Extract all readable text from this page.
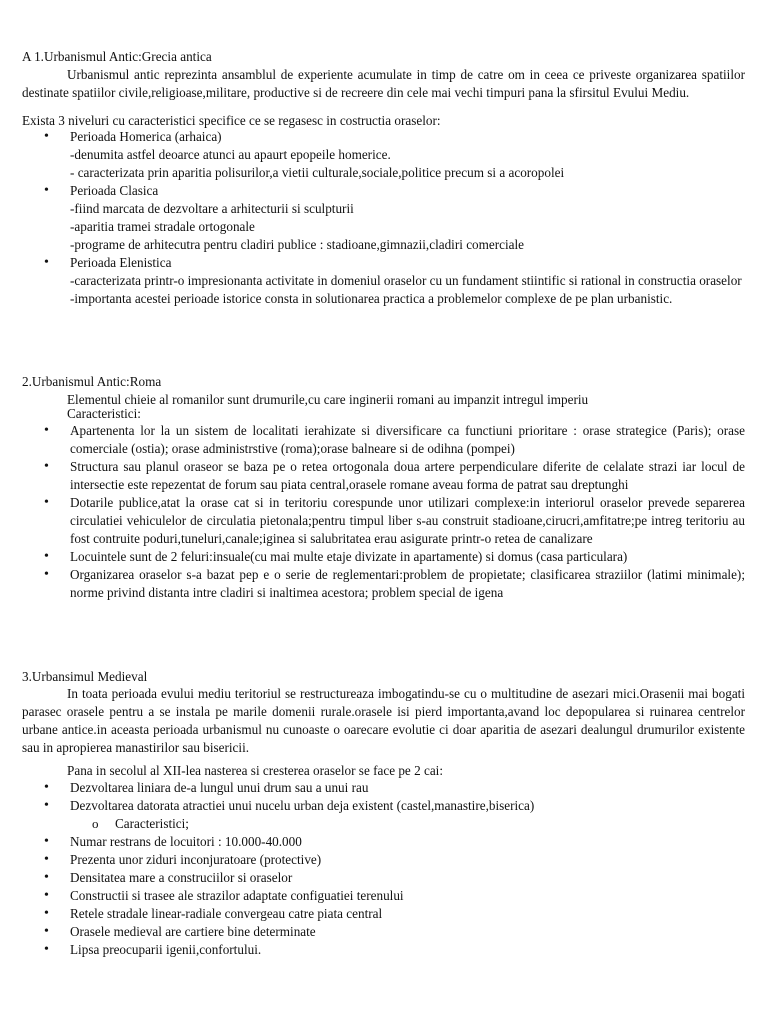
A 1.Urbanismul Antic:Grecia antica
Urbanismul antic reprezinta ansamblul de experiente acumulate in timp de catre om in ceea ce priveste organizarea spatiilor destinate spatiilor civile,religioase,militare, productive si de recreere din cele mai vechi timpuri pana la sfirsitul Evului Mediu.
Exista 3 niveluri cu caracteristici specifice ce se regasesc in costructia oraselor:
• Perioada Homerica (arhaica)
-denumita astfel deoarce atunci au apaurt epopeile homerice.
- caracterizata prin aparitia polisurilor,a vietii culturale,sociale,politice precum si a acoropolei
• Perioada Clasica
-fiind marcata de dezvoltare a arhitecturii si sculpturii
-aparitia tramei stradale ortogonale
-programe de arhitecutra pentru cladiri publice : stadioane,gimnazii,cladiri comerciale
• Perioada Elenistica
-caracterizata printr-o impresionanta activitate in domeniul oraselor cu un fundament stiintific si rational in constructia oraselor
-importanta acestei perioade istorice consta in solutionarea practica a problemelor complexe de pe plan urbanistic.
2.Urbanismul Antic:Roma
Elementul chieie al romanilor sunt drumurile,cu care inginerii romani au impanzit intregul imperiu
Caracteristici:
• Apartenenta lor la un sistem de localitati ierahizate si diversificare ca functiuni prioritare : orase strategice (Paris); orase comerciale (ostia); orase administrstive (roma);orase balneare si de odihna (pompei)
• Structura sau planul oraseor se baza pe o retea ortogonala doua artere perpendiculare diferite de celalate strazi iar locul de intersectie este repezentat de forum sau piata central,orasele romane aveau forma de patrat sau dreptunghi
• Dotarile publice,atat la orase cat si in teritoriu corespunde unor utilizari complexe:in interiorul oraselor prevede separerea circulatiei vehiculelor de circulatia pietonala;pentru timpul liber s-au construit stadioane,cirucri,amfitatre;pe intreg teritoriu au fost contruite poduri,tuneluri,canale;iginea si salubritatea erau asigurate printr-o retea de canalizare
• Locuintele sunt de 2 feluri:insuale(cu mai multe etaje divizate in apartamente) si domus (casa particulara)
• Organizarea oraselor s-a bazat pep e o serie de reglementari:problem de propietate; clasificarea straziilor (latimi minimale); norme privind distanta intre cladiri si inaltimea acestora; problem special de igena
3.Urbansimul Medieval
In toata perioada evului mediu teritoriul se restructureaza imbogatindu-se cu o multitudine de asezari mici.Orasenii mai bogati parasec orasele pentru a se instala pe marile domenii rurale.orasele isi pierd importanta,avand loc depopularea si ruinarea centrelor urbane antice.in aceasta perioada urbanismul nu cunoaste o oarecare evolutie ci doar aparitia de asezari dealungul drumurilor existente sau in apropierea manastirilor sau bisericii.
Pana in secolul al XII-lea nasterea si cresterea oraselor se face pe 2 cai:
• Dezvoltarea liniara de-a lungul unui drum sau a unui rau
• Dezvoltarea datorata atractiei unui nucelu urban deja existent (castel,manastire,biserica)
o Caracteristici;
• Numar restrans de locuitori : 10.000-40.000
• Prezenta unor ziduri inconjuratoare (protective)
• Densitatea mare a construciilor si oraselor
• Constructii si trasee ale strazilor adaptate configuatiei terenului
• Retele stradale linear-radiale convergeau catre piata central
• Orasele medieval are cartiere bine determinate
• Lipsa preocuparii igenii,confortului.
